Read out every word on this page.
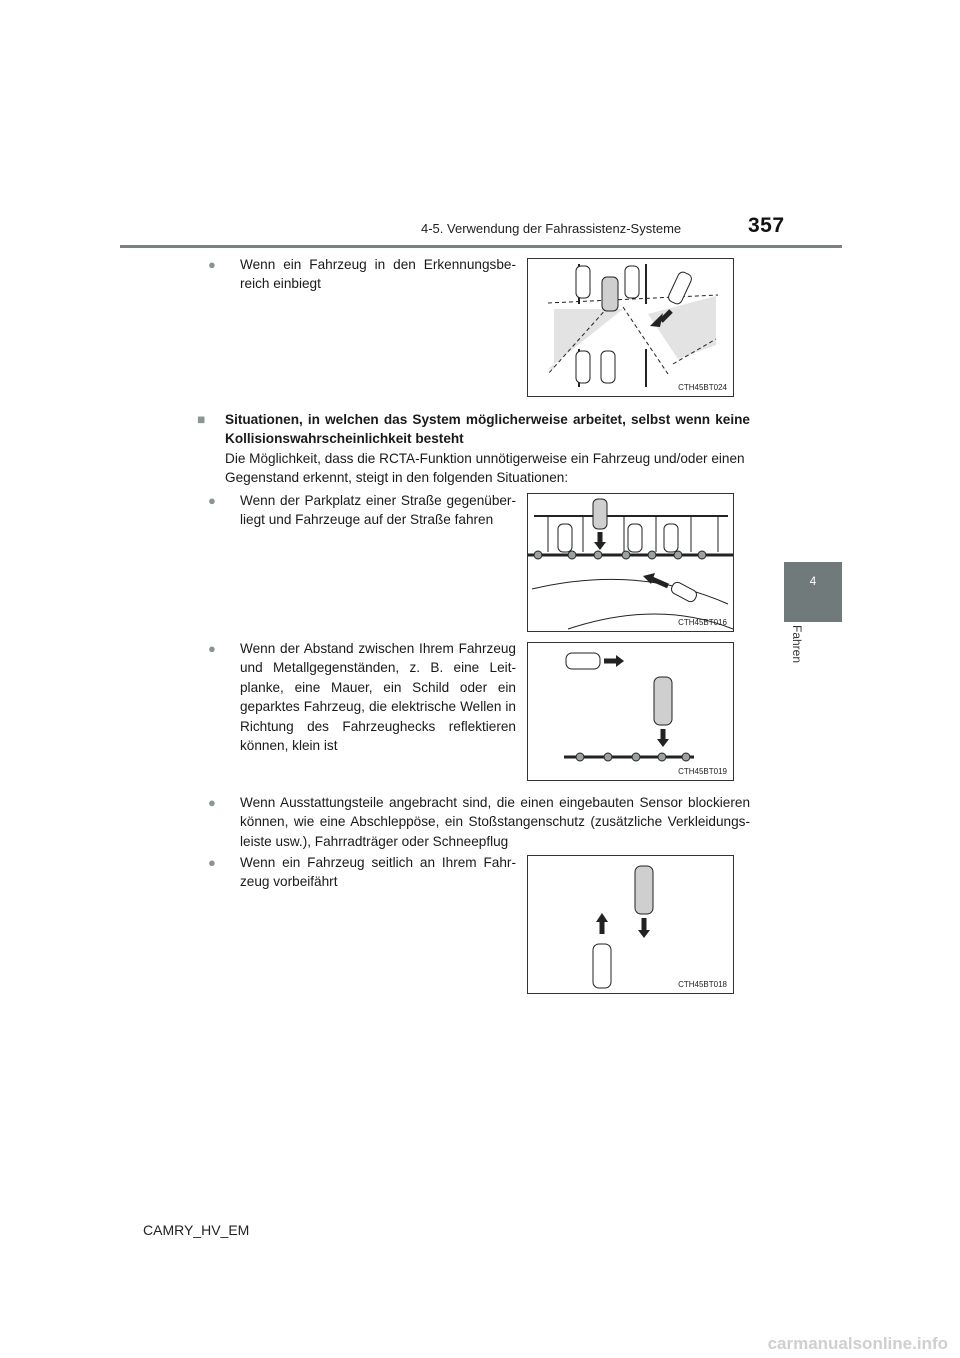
4-5. Verwendung der Fahrassistenz-Systeme	357
4
Fahren
● Wenn ein Fahrzeug in den Erkennungsbe-reich einbiegt
CTH45BT024
■ Situationen, in welchen das System möglicherweise arbeitet, selbst wenn keine Kollisionswahrscheinlichkeit besteht
Die Möglichkeit, dass die RCTA-Funktion unnötigerweise ein Fahrzeug und/oder einen Gegenstand erkennt, steigt in den folgenden Situationen:
● Wenn der Parkplatz einer Straße gegenüber-liegt und Fahrzeuge auf der Straße fahren
CTH45BT016
● Wenn der Abstand zwischen Ihrem Fahrzeug und Metallgegenständen, z. B. eine Leit-planke, eine Mauer, ein Schild oder ein geparktes Fahrzeug, die elektrische Wellen in Richtung des Fahrzeughecks reflektieren können, klein ist
CTH45BT019
● Wenn Ausstattungsteile angebracht sind, die einen eingebauten Sensor blockieren können, wie eine Abschleppöse, ein Stoßstangenschutz (zusätzliche Verkleidungs-leiste usw.), Fahrradträger oder Schneepflug
● Wenn ein Fahrzeug seitlich an Ihrem Fahr-zeug vorbeifährt
CTH45BT018
CAMRY_HV_EM
carmanualsonline.info
